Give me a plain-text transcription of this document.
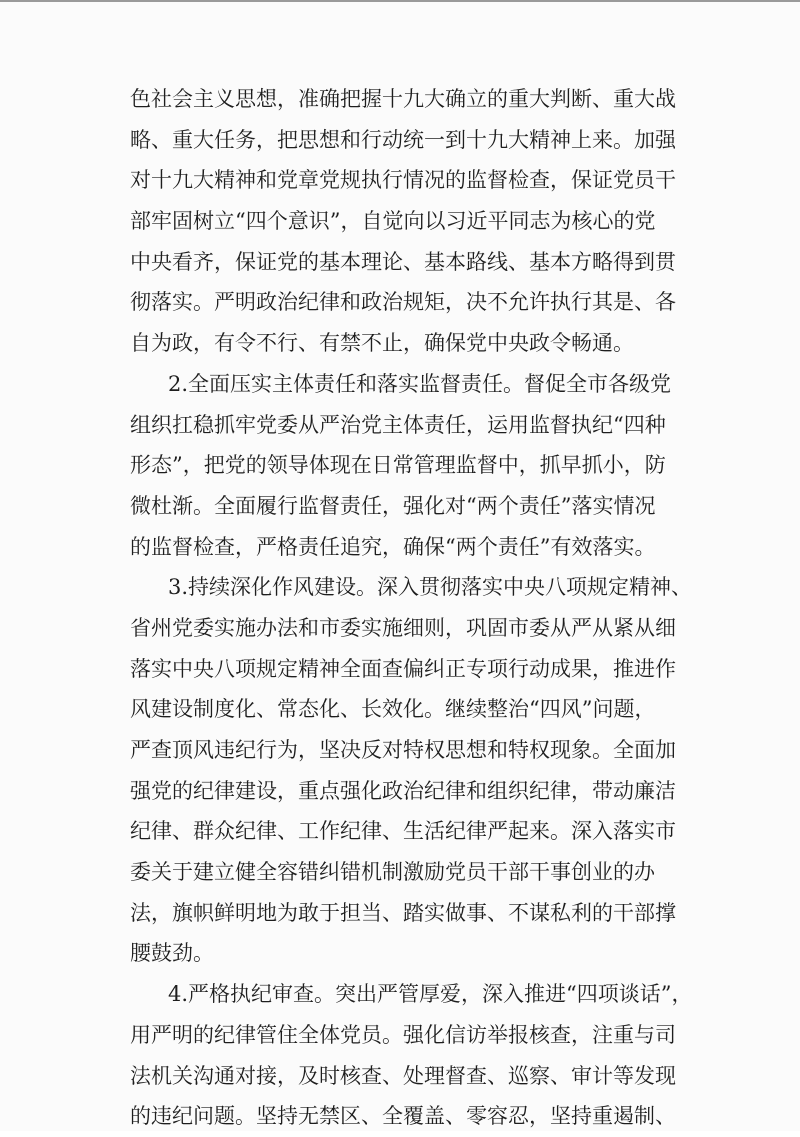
色社会主义思想，准确把握十九大确立的重大判断、重大战
略、重大任务，把思想和行动统一到十九大精神上来。加强
对十九大精神和党章党规执行情况的监督检查，保证党员干
部牢固树立“四个意识”，自觉向以习近平同志为核心的党
中央看齐，保证党的基本理论、基本路线、基本方略得到贯
彻落实。严明政治纪律和政治规矩，决不允许执行其是、各
自为政，有令不行、有禁不止，确保党中央政令畅通。
2.全面压实主体责任和落实监督责任。督促全市各级党
组织扛稳抓牢党委从严治党主体责任，运用监督执纪“四种
形态”，把党的领导体现在日常管理监督中，抓早抓小，防
微杜渐。全面履行监督责任，强化对“两个责任”落实情况
的监督检查，严格责任追究，确保“两个责任”有效落实。
3.持续深化作风建设。深入贯彻落实中央八项规定精神、
省州党委实施办法和市委实施细则，巩固市委从严从紧从细
落实中央八项规定精神全面查偏纠正专项行动成果，推进作
风建设制度化、常态化、长效化。继续整治“四风”问题，
严查顶风违纪行为，坚决反对特权思想和特权现象。全面加
强党的纪律建设，重点强化政治纪律和组织纪律，带动廉洁
纪律、群众纪律、工作纪律、生活纪律严起来。深入落实市
委关于建立健全容错纠错机制激励党员干部干事创业的办
法，旗帜鲜明地为敢于担当、踏实做事、不谋私利的干部撑
腰鼓劲。
4.严格执纪审查。突出严管厚爱，深入推进“四项谈话”，
用严明的纪律管住全体党员。强化信访举报核查，注重与司
法机关沟通对接，及时核查、处理督查、巡察、审计等发现
的违纪问题。坚持无禁区、全覆盖、零容忍，坚持重遏制、
